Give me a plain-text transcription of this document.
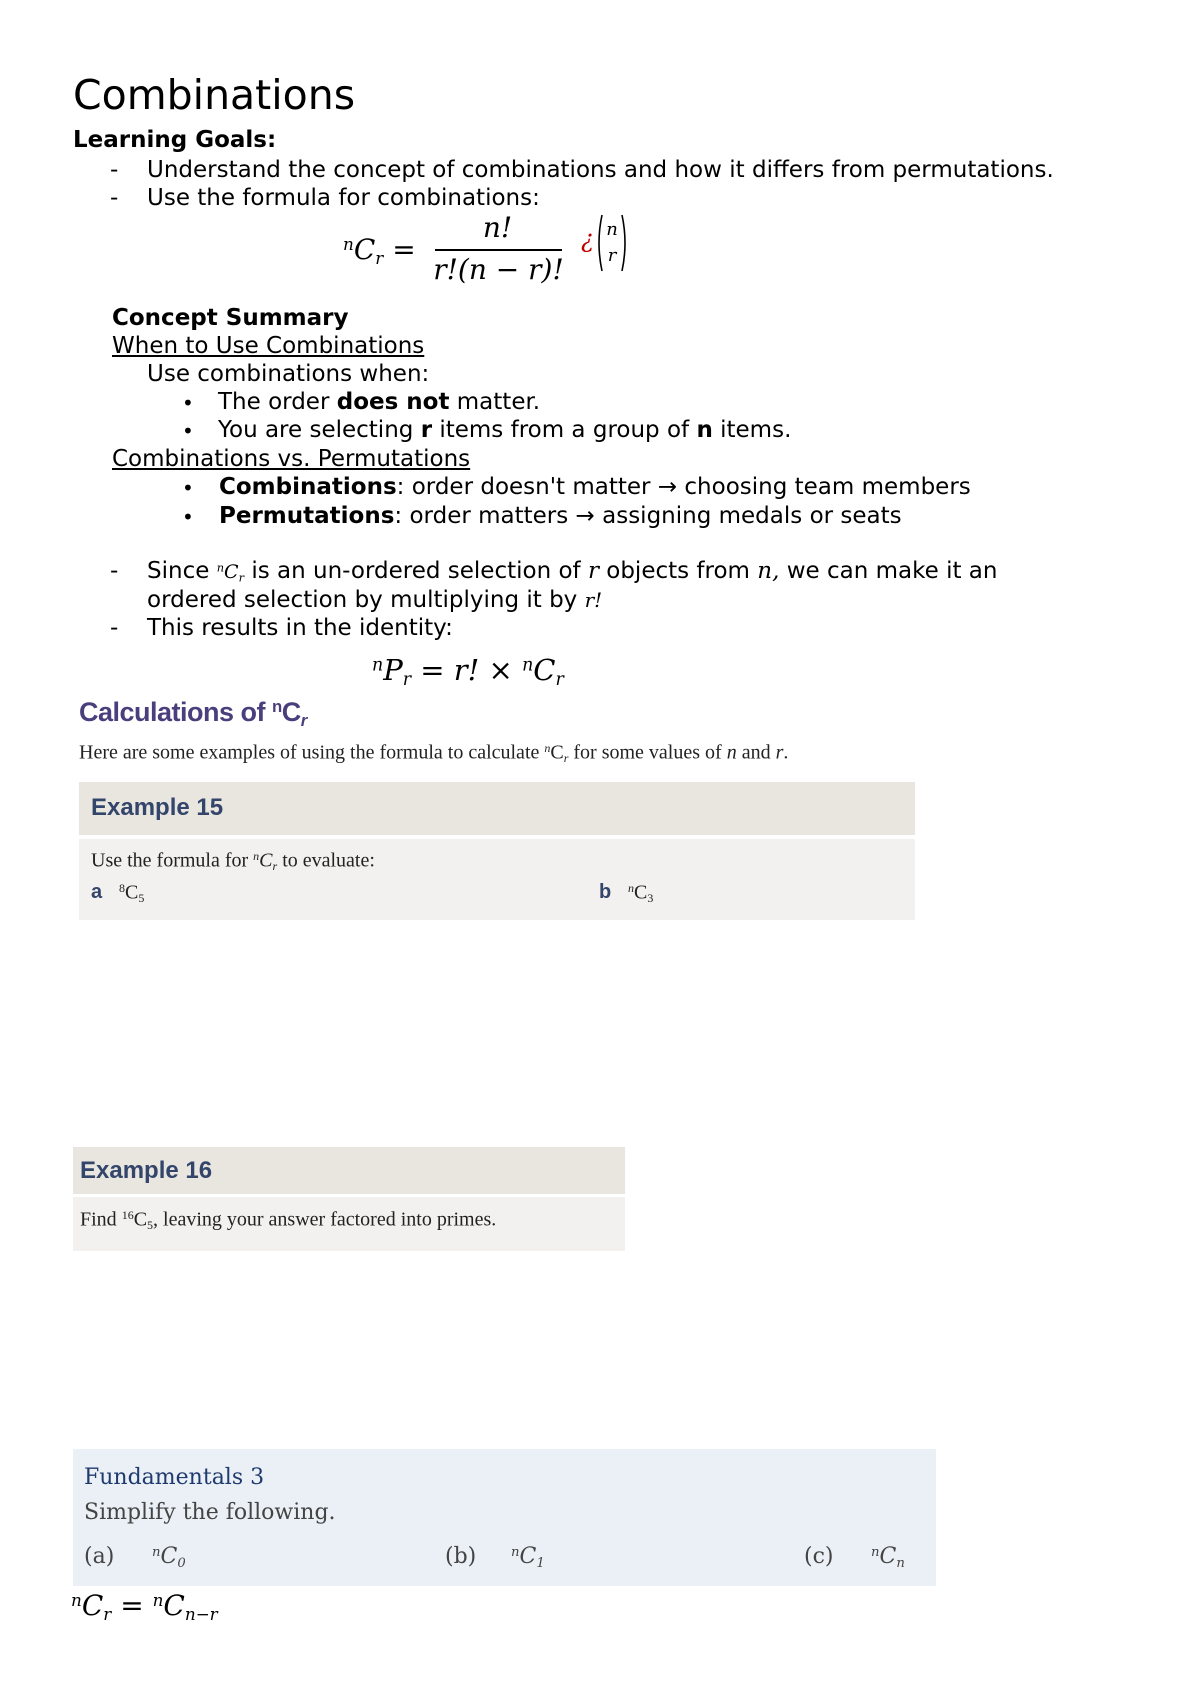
Combinations
Learning Goals:
- Understand the concept of combinations and how it differs from permutations.
- Use the formula for combinations:
$^nC_r$ =
n!
r!(n − r)!
¿ n
r
Concept Summary
When to Use Combinations
Use combinations when:
• The order does not matter.
• You are selecting r items from a group of n items.
Combinations vs. Permutations
• Combinations: order doesn't matter → choosing team members
• Permutations: order matters → assigning medals or seats
- Since $^nC_r$ is an un-ordered selection of r objects from n, we can make it an
ordered selection by multiplying it by r!
- This results in the identity:
$^nP_r = r$! × $^nC_r$
Calculations of $^n$Cr
Here are some examples of using the formula to calculate $^n$Cr for some values of n and r.
Example 15
Use the formula for $^n$Cr to evaluate:
a $^8$C5	b $^n$C3
Example 16
Find $^{16}$C5, leaving your answer factored into primes.
Fundamentals 3
Simplify the following.
(a)	$^nC_0$	(b)	$^nC_1$	(c)	$^nC_n$
$^nC_r = ^nC_{n-r}$
